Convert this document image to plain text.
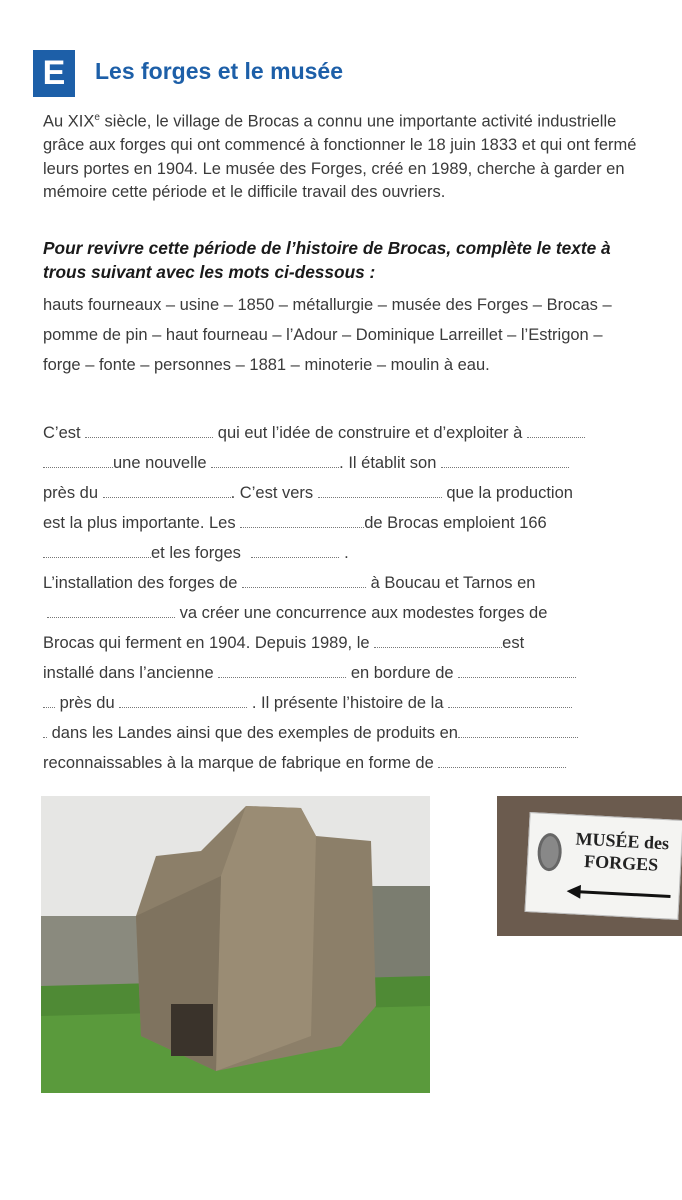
E	Les forges et le musée
Au XIXe siècle, le village de Brocas a connu une importante activité industrielle grâce aux forges qui ont commencé à fonctionner le 18 juin 1833 et qui ont fermé leurs portes en 1904. Le musée des Forges, créé en 1989, cherche à garder en mémoire cette période et le difficile travail des ouvriers.
Pour revivre cette période de l’histoire de Brocas, complète le texte à trous suivant avec les mots ci-dessous :
hauts fourneaux – usine – 1850 – métallurgie – musée des Forges – Brocas – pomme de pin – haut fourneau – l’Adour – Dominique Larreillet – l’Estrigon – forge – fonte – personnes – 1881 – minoterie – moulin à eau.
C’est	qui eut l’idée de construire et d’exploiter à
une nouvelle	. Il établit son
près du	. C’est vers	que la production
est la plus importante. Les	de Brocas emploient 166
et les forges	.
L’installation des forges de	à Boucau et Tarnos en
va créer une concurrence aux modestes forges de
Brocas qui ferment en 1904. Depuis 1989, le	est
installé dans l’ancienne	en bordure de
près du	. Il présente l’histoire de la
dans les Landes ainsi que des exemples de produits en
reconnaissables à la marque de fabrique en forme de
MUSÉE des
FORGES
